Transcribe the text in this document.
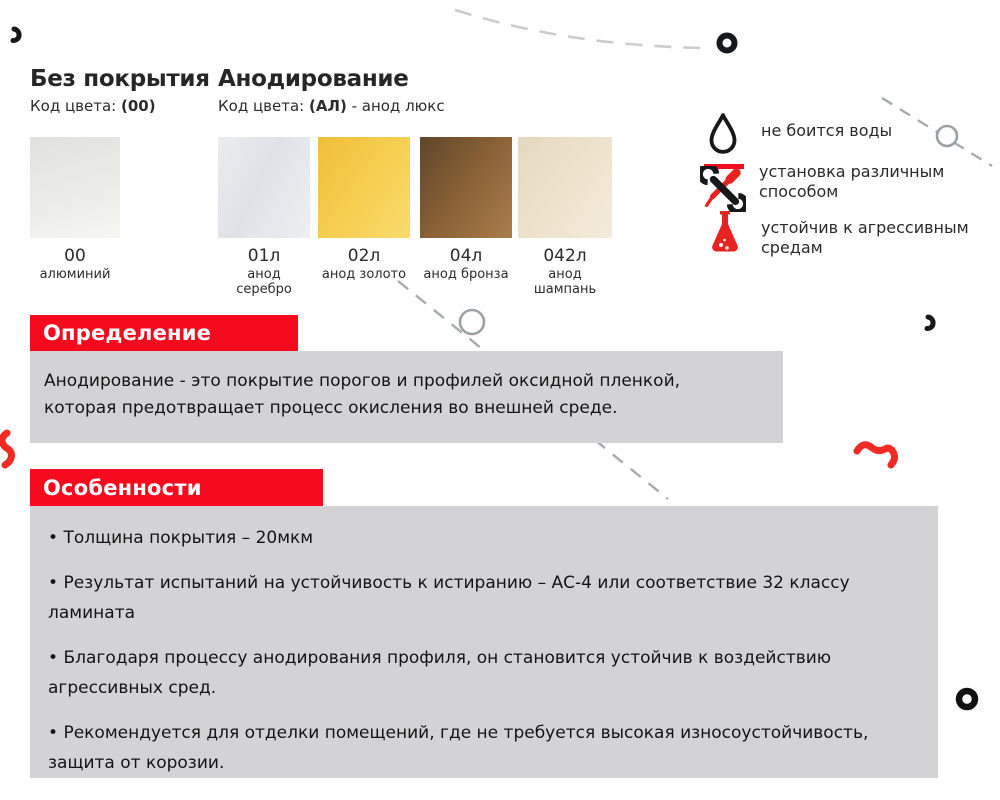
Без покрытия
Код цвета: (00)
Анодирование
Код цвета: (АЛ) - анод люкс
00
алюминий
01л
анод серебро
02л
анод золото
04л
анод бронза
042л
анод шампань
не боится воды
установка различным способом
устойчив к агрессивным средам
Определение
Анодирование - это покрытие порогов и профилей оксидной пленкой, которая предотвращает процесс окисления во внешней среде.
Особенности
• Толщина покрытия – 20мкм
• Результат испытаний на устойчивость к истиранию – АС-4 или соответствие 32 классу ламината
• Благодаря процессу анодирования профиля, он становится устойчив к воздействию агрессивных сред.
• Рекомендуется для отделки помещений, где не требуется высокая износоустойчивость, защита от корозии.
